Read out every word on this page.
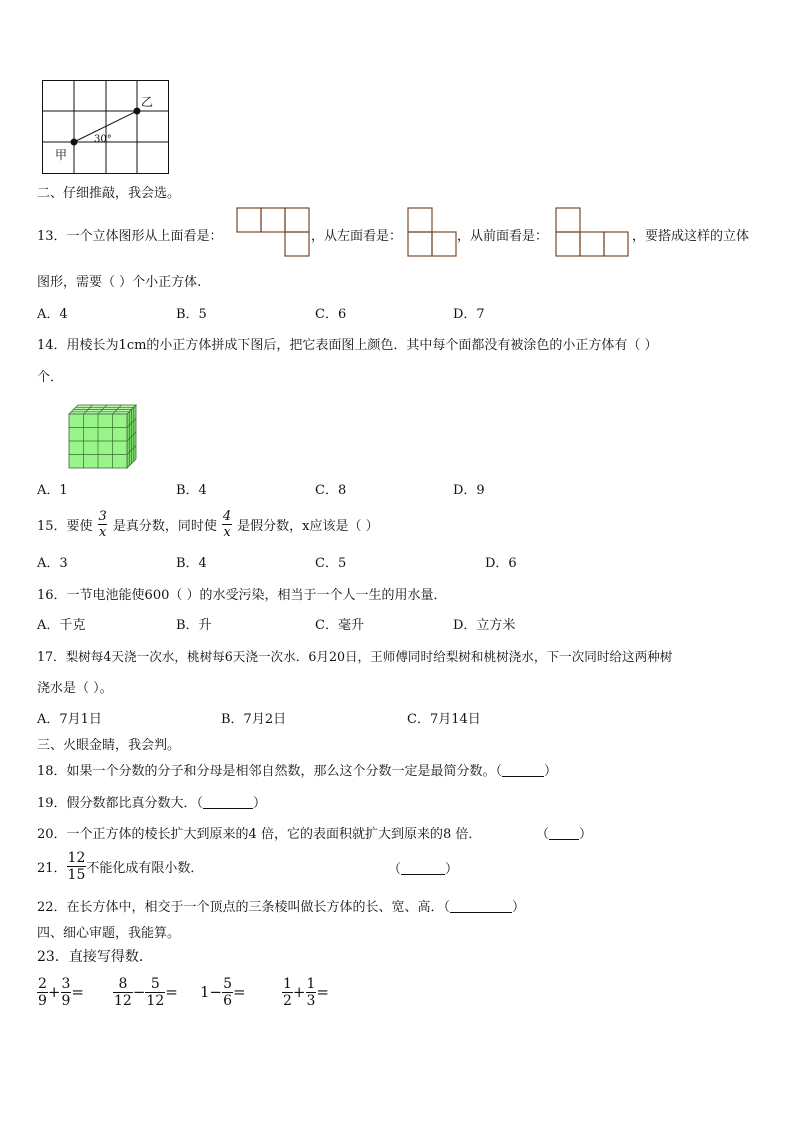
甲
乙
30°
二、仔细推敲，我会选。
13．一个立体图形从上面看是：	，从左面看是：	，从前面看是：	，要搭成这样的立体
图形，需要（ ）个小正方体.
A．4	B．5	C．6	D．7
14．用棱长为1cm的小正方体拼成下图后，把它表面图上颜色．其中每个面都没有被涂色的小正方体有（ ）
个．
A．1	B．4	C．8	D．9
15．要使 $\frac{3}{x}$ 是真分数，同时使 $\frac{4}{x}$ 是假分数，x应该是（ ）
A．3	B．4	C．5	D．6
16．一节电池能使600（ ）的水受污染，相当于一个人一生的用水量．
A．千克	B．升	C．毫升	D．立方米
17．梨树每4天浇一次水，桃树每6天浇一次水．6月20日，王师傅同时给梨树和桃树浇水，下一次同时给这两种树
浇水是（ ）。
A．7月1日	B．7月2日	C．7月14日
三、火眼金睛，我会判。
18．如果一个分数的分子和分母是相邻自然数，那么这个分数一定是最简分数。（	）
19．假分数都比真分数大．（	）
20．一个正方体的棱长扩大到原来的4 倍，它的表面积就扩大到原来的8 倍．	（ ）
21． $\frac{12}{15}$ 不能化成有限小数．	（	）
22．在长方体中，相交于一个顶点的三条棱叫做长方体的长、宽、高．（	）
四、细心审题，我能算。
23．直接写得数．
$\frac{2}{9} + \frac{3}{9} = \frac{8}{12} - \frac{5}{12} = 1- \frac{5}{6}$ =	$\frac{1}{2} + \frac{1}{3}$ =
